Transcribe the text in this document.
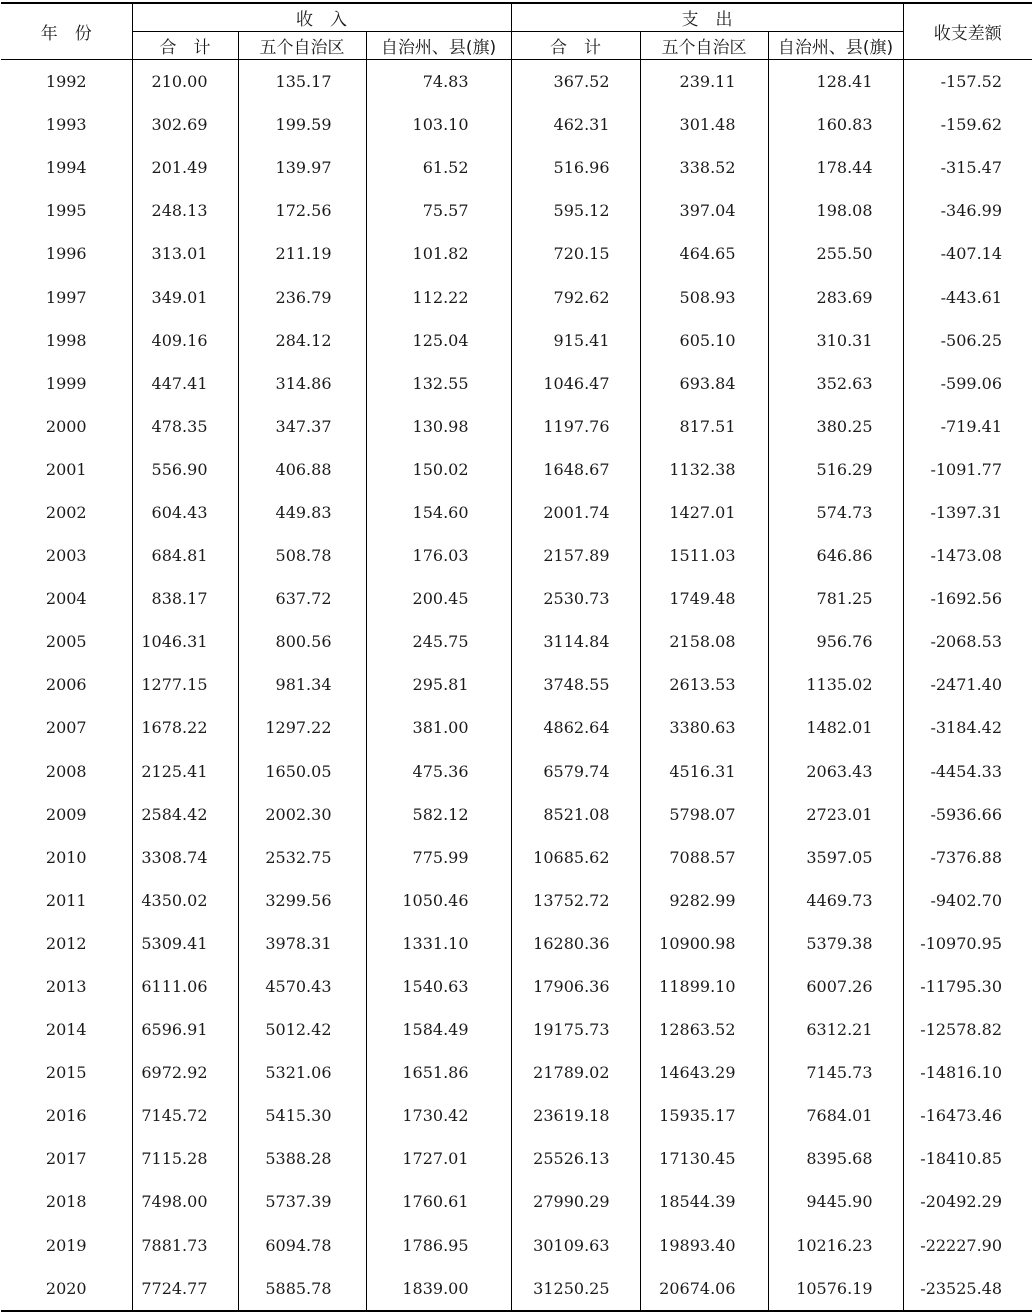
年　份	收　入			支　出			收支差额
	合　计	五个自治区	自治州、县(旗)	合　计	五个自治区	自治州、县(旗)	
1992	210.00	135.17	74.83	367.52	239.11	128.41	-157.52
1993	302.69	199.59	103.10	462.31	301.48	160.83	-159.62
1994	201.49	139.97	61.52	516.96	338.52	178.44	-315.47
1995	248.13	172.56	75.57	595.12	397.04	198.08	-346.99
1996	313.01	211.19	101.82	720.15	464.65	255.50	-407.14
1997	349.01	236.79	112.22	792.62	508.93	283.69	-443.61
1998	409.16	284.12	125.04	915.41	605.10	310.31	-506.25
1999	447.41	314.86	132.55	1046.47	693.84	352.63	-599.06
2000	478.35	347.37	130.98	1197.76	817.51	380.25	-719.41
2001	556.90	406.88	150.02	1648.67	1132.38	516.29	-1091.77
2002	604.43	449.83	154.60	2001.74	1427.01	574.73	-1397.31
2003	684.81	508.78	176.03	2157.89	1511.03	646.86	-1473.08
2004	838.17	637.72	200.45	2530.73	1749.48	781.25	-1692.56
2005	1046.31	800.56	245.75	3114.84	2158.08	956.76	-2068.53
2006	1277.15	981.34	295.81	3748.55	2613.53	1135.02	-2471.40
2007	1678.22	1297.22	381.00	4862.64	3380.63	1482.01	-3184.42
2008	2125.41	1650.05	475.36	6579.74	4516.31	2063.43	-4454.33
2009	2584.42	2002.30	582.12	8521.08	5798.07	2723.01	-5936.66
2010	3308.74	2532.75	775.99	10685.62	7088.57	3597.05	-7376.88
2011	4350.02	3299.56	1050.46	13752.72	9282.99	4469.73	-9402.70
2012	5309.41	3978.31	1331.10	16280.36	10900.98	5379.38	-10970.95
2013	6111.06	4570.43	1540.63	17906.36	11899.10	6007.26	-11795.30
2014	6596.91	5012.42	1584.49	19175.73	12863.52	6312.21	-12578.82
2015	6972.92	5321.06	1651.86	21789.02	14643.29	7145.73	-14816.10
2016	7145.72	5415.30	1730.42	23619.18	15935.17	7684.01	-16473.46
2017	7115.28	5388.28	1727.01	25526.13	17130.45	8395.68	-18410.85
2018	7498.00	5737.39	1760.61	27990.29	18544.39	9445.90	-20492.29
2019	7881.73	6094.78	1786.95	30109.63	19893.40	10216.23	-22227.90
2020	7724.77	5885.78	1839.00	31250.25	20674.06	10576.19	-23525.48
